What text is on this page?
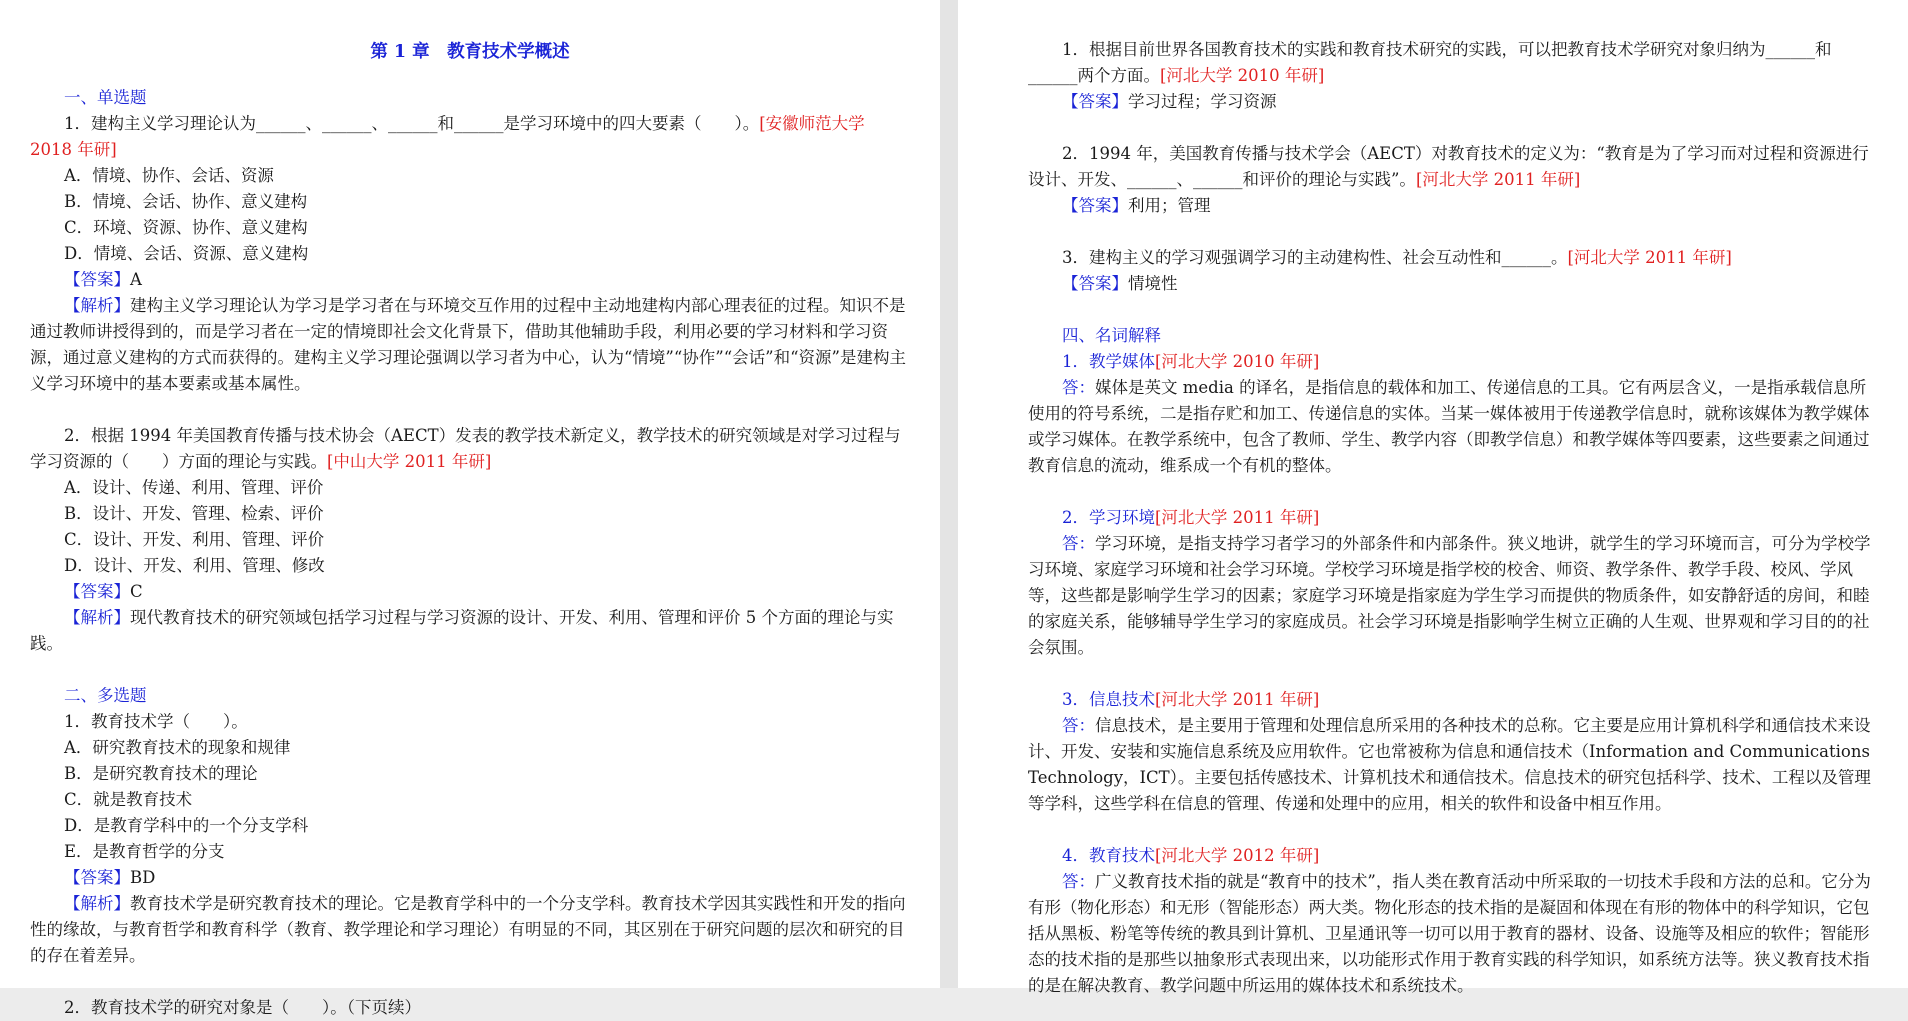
第 1 章　教育技术学概述

一、单选题

1．建构主义学习理论认为______、______、______和______是学习环境中的四大要素（　　）。[安徽师范大学 2018 年研]

A．情境、协作、会话、资源

B．情境、会话、协作、意义建构

C．环境、资源、协作、意义建构

D．情境、会话、资源、意义建构

【答案】A

【解析】建构主义学习理论认为学习是学习者在与环境交互作用的过程中主动地建构内部心理表征的过程。知识不是通过教师讲授得到的，而是学习者在一定的情境即社会文化背景下，借助其他辅助手段，利用必要的学习材料和学习资源，通过意义建构的方式而获得的。建构主义学习理论强调以学习者为中心，认为“情境”“协作”“会话”和“资源”是建构主义学习环境中的基本要素或基本属性。

2．根据 1994 年美国教育传播与技术协会（AECT）发表的教学技术新定义，教学技术的研究领域是对学习过程与学习资源的（　　）方面的理论与实践。[中山大学 2011 年研]

A．设计、传递、利用、管理、评价

B．设计、开发、管理、检索、评价

C．设计、开发、利用、管理、评价

D．设计、开发、利用、管理、修改

【答案】C

【解析】现代教育技术的研究领域包括学习过程与学习资源的设计、开发、利用、管理和评价 5 个方面的理论与实践。

二、多选题

1．教育技术学（　　）。

A．研究教育技术的现象和规律

B．是研究教育技术的理论

C．就是教育技术

D．是教育学科中的一个分支学科

E．是教育哲学的分支

【答案】BD

【解析】教育技术学是研究教育技术的理论。它是教育学科中的一个分支学科。教育技术学因其实践性和开发的指向性的缘故，与教育哲学和教育科学（教育、教学理论和学习理论）有明显的不同，其区别在于研究问题的层次和研究的目的存在着差异。

2．教育技术学的研究对象是（　　）。（下页续）

1．根据目前世界各国教育技术的实践和教育技术研究的实践，可以把教育技术学研究对象归纳为______和______两个方面。[河北大学 2010 年研]

【答案】学习过程；学习资源

2．1994 年，美国教育传播与技术学会（AECT）对教育技术的定义为：“教育是为了学习而对过程和资源进行设计、开发、______、______和评价的理论与实践”。[河北大学 2011 年研]

【答案】利用；管理

3．建构主义的学习观强调学习的主动建构性、社会互动性和______。[河北大学 2011 年研]

【答案】情境性

四、名词解释

1．教学媒体[河北大学 2010 年研]

答：媒体是英文 media 的译名，是指信息的载体和加工、传递信息的工具。它有两层含义，一是指承载信息所使用的符号系统，二是指存贮和加工、传递信息的实体。当某一媒体被用于传递教学信息时，就称该媒体为教学媒体或学习媒体。在教学系统中，包含了教师、学生、教学内容（即教学信息）和教学媒体等四要素，这些要素之间通过教育信息的流动，维系成一个有机的整体。

2．学习环境[河北大学 2011 年研]

答：学习环境，是指支持学习者学习的外部条件和内部条件。狭义地讲，就学生的学习环境而言，可分为学校学习环境、家庭学习环境和社会学习环境。学校学习环境是指学校的校舍、师资、教学条件、教学手段、校风、学风等，这些都是影响学生学习的因素；家庭学习环境是指家庭为学生学习而提供的物质条件，如安静舒适的房间，和睦的家庭关系，能够辅导学生学习的家庭成员。社会学习环境是指影响学生树立正确的人生观、世界观和学习目的的社会氛围。

3．信息技术[河北大学 2011 年研]

答：信息技术，是主要用于管理和处理信息所采用的各种技术的总称。它主要是应用计算机科学和通信技术来设计、开发、安装和实施信息系统及应用软件。它也常被称为信息和通信技术（Information and Communications Technology，ICT）。主要包括传感技术、计算机技术和通信技术。信息技术的研究包括科学、技术、工程以及管理等学科，这些学科在信息的管理、传递和处理中的应用，相关的软件和设备中相互作用。

4．教育技术[河北大学 2012 年研]

答：广义教育技术指的就是“教育中的技术”，指人类在教育活动中所采取的一切技术手段和方法的总和。它分为有形（物化形态）和无形（智能形态）两大类。物化形态的技术指的是凝固和体现在有形的物体中的科学知识，它包括从黑板、粉笔等传统的教具到计算机、卫星通讯等一切可以用于教育的器材、设备、设施等及相应的软件；智能形态的技术指的是那些以抽象形式表现出来，以功能形式作用于教育实践的科学知识，如系统方法等。狭义教育技术指的是在解决教育、教学问题中所运用的媒体技术和系统技术。
